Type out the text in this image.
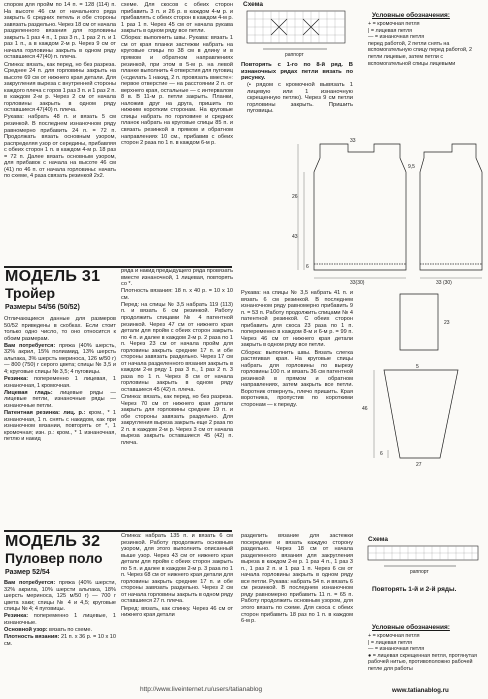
спором для пройм по 14 п. = 128 (114) п. На высоте 46 см от начального ряда закрыть 6 средних петель и обе стороны завязать раздельно. Через 18 см от начала разделенного вязания для горловины закрыть 1 раз 4 п., 1 раз 3 п., 1 раз 2 п. и 1 раз 1 п., а в каждом 2-м р. Через 9 см от начала горловины закрыть в одном ряду оставшиеся 47(40) п. плеча.

Спинка: вязать, как перед, но без разреза. Среднее 24 п. для горловины закрыть на высоте 69 см от нижнего края детали. Для закругления выреза с внутренней стороны каждого плеча с горов 1 раз 3 п. и 1 раз 2 п. в каждом 2-м р. Через 2 см от начала горловины закрыть в одном ряду оставшиеся 47(40) п. плеча.

Рукава: набрать 48 п. и вязать 5 см резинкой. В последнем изнаночном ряду равномерно прибавить 24 п. = 72 п. Продолжать вязать основным узором, распределяя узор от середины, прибавляя с обеих сторон 1 п. в каждом 4-м р. 18 раз = 72 п. Далее вязать основным узором, для прибавок с начала на высоте 46 см (41) по 46 п. от начала горловины: начать по схеме, 4 раза связать резинкой 2x2.

схеме. Для скосов с обеих сторон прибавить 3 п. и 26 р. в каждом 4-м р. и прибавлять с обеих сторон в каждом 4-м р. 1 раз 1 п. Через 45 см от начала рукава закрыть в одном ряду все петли.

Сборка: выполнить швы. Рукава: вязать 1 см от края планки застежки набрать на круговые спицы по 38 см в длину и в прямом и обратном направлениях резинкой, при этом в 5-м р. на левой планке выполнить 4 отверстия для пуговиц («сделать 1 накид, 2 п. провязать вместе»: первое отверстие — на расстоянии 2 п. от верхнего края, остальные — с интервалом 8 в. В 11-м р. петли закрыть. Планки, наложив друг на друга, пришить по нижним коротким сторонам. На круговые спицы набрать по горловине и средних планок набрать на круговые спицы 85 п. и связать резинкой в прямом и обратном направлениях 10 см., прибавив с обеих сторон 2 раза по 1 п. в каждом 6-м р.

Схема
раппорт

Повторять с 1-го по 8-й ряд. В изнаночных рядах петли вязать по рисунку.

(• рядом с кромочной вывязать 1 лицевую или 1 изнаночную скрещенную петлю). Через 9 см петли горловины закрыть. Пришить пуговицы.

Условные обозначения:
+ = кромочная петля
| = лицевая петля
— = изнаночная петля
перед работой, 2 петли снять на вспомогательную спицу перед работой, 2 петли лицевые, затем петли с вспомогательной спицы лицевыми
26
43
6
33
33(30)	33 (30)
9,5
МОДЕЛЬ 31
Тройер
Размеры 54/56 (50/52)

Отличающиеся данные для размеров 50/52 приведены в скобках. Если стоит только одно число, то оно относится к обоим размерам.

Вам потребуется: пряжа (40% шерсть, 32% акрил, 15% полиамид, 13% шерсть альпака, 3% шерсть мериноса, 126 м/50 г) — 800 (750) г серого цвета; спицы № 3,5 и 4; круговые спицы № 3,5; 4 пуговицы.

Резинка: попеременно 1 лицевая, 1 изнаночная, 1 кромочная.

Лицевая гладь: лицевые ряды — лицевые петли, изнаночные ряды — изнаночные петли.

Патентная резинка: лиц. р.: кром., * 1 изнаночная, 1 п. снять с накидом, как при изнаночном вязании, повторять от *, 1 кромочная; изн. р.: кром., * 1 изнаночная, петлю и накид

ряда и накид предыдущего ряда провязать вместе изнаночной, 1 лицевая, повторять со *.

Плотность вязания: 18 п. x 40 р. = 10 x 10 см.

Перед: на спицы № 3,5 набрать 119 (113) п. и вязать 6 см резинкой. Работу продолжить спицами № 4 патентной резинкой. Через 47 см от нижнего края детали для пройм с обеих сторон закрыть по 4 п. и далее в каждом 2-м р. 2 раза по 1 п. Через 23 см от начала пройм для горловины закрыть средние 17 п. и обе стороны завязать раздельно. Через 17 см от начала разделенного вязания закрыть в каждом 2-м ряду 1 раз 3 п., 1 раз 2 п. 3 раза по 1 п. Через 8 см от начала горловины закрыть в одном ряду оставшиеся 45 (42) п. плеча.

Спинка: вязать, как перед, но без разреза. Через 70 см от нижнего края детали закрыть для горловины средние 19 п. и обе стороны завязать раздельно. Для закругления выреза закрыть еще 2 раза по 2 п. в каждом 2-м р. Через 3 см от начала выреза закрыть оставшиеся 45 (42) п. плеча.

Рукава: на спицы № 3,5 набрать 41 п. и вязать 6 см резинкой. В последнем изнаночном ряду равномерно прибавить 9 п. = 53 п. Работу продолжить спицами № 4 патентной резинкой. С обеих сторон прибавить для скоса 23 раза по 1 п. попеременно в каждом 8-м и 6-м р. = 99 п. Через 46 см от нижнего края детали закрыть в одном ряду все петли.

Сборка: выполнить швы. Вязать слегка растягивая края. На круговые спицы набрать для горловины по вырезу горловины 100 п. и вязать 36 см патентной резинкой в прямом и обратном направлениях, затем закрыть все петли. Воротник отвернуть, плечо пришить. Края воротника, пропустив по короткими сторонам — к переду.

23
46
5
27
6
МОДЕЛЬ 32
Пуловер поло
Размер 52/54

Вам потребуется: пряжа (40% шерсти, 32% акрила, 10% шерсти альпака, 18% шерсть мериноса, 125 м/50 г) — 700 г цвета хаки; спицы № 4 и 4,5; круговые спицы № 4; 4 пуговицы.

Резинка: попеременно 1 лицевые, 1 изнаночные.

Основной узор: вязать по схеме.

Плотность вязания: 21 п. x 36 р. = 10 x 10 см.

Спинка: набрать 135 п. и вязать 6 см резинкой. Работу продолжить основным узором, для этого выполнить описанный выше узор. Через 43 см от нижнего края детали для пройм с обеих сторон закрыть по 5 п. и далее в каждом 2-м р. 3 раза по 1 п. Через 68 см от нижнего края детали для горловины закрыть средние 17 п. и обе стороны завязать раздельно. Через 2 см от начала горловины закрыть в одном ряду оставшиеся 27 п. плеча.

Перед: вязать, как спинку. Через 46 см от нижнего края детали

разделить вязание для застежки посередине и вязать каждую сторону раздельно. Через 18 см от начала разделенного вязания для закругления выреза в каждом 2-м р. 1 раз 4 п., 1 раз 3 п., 1 раз 2 п. и 1 раз 1 п. Через 6 см от начала горловины закрыть в одном ряду все петли. Рукава: набрать 54 п. и вязать 6 см резинкой. В последнем изнаночном ряду равномерно прибавить 11 п. = 65 п. Работу продолжить основным узором, для этого вязать по схеме. Для скоса с обеих сторон прибавить 18 раз по 1 п. в каждом 6-м р.

Схема
раппорт
Повторять 1-й и 2-й ряды.
Условные обозначения:
+ = кромочная петля
| = лицевая петля
— = изнаночная петля
● = лицевая скрещенная петля, протянутая рабочей нитью, противоположно рабочей петле для работы
http://www.liveinternet.ru/users/tatianablog	www.tatianablog.ru
